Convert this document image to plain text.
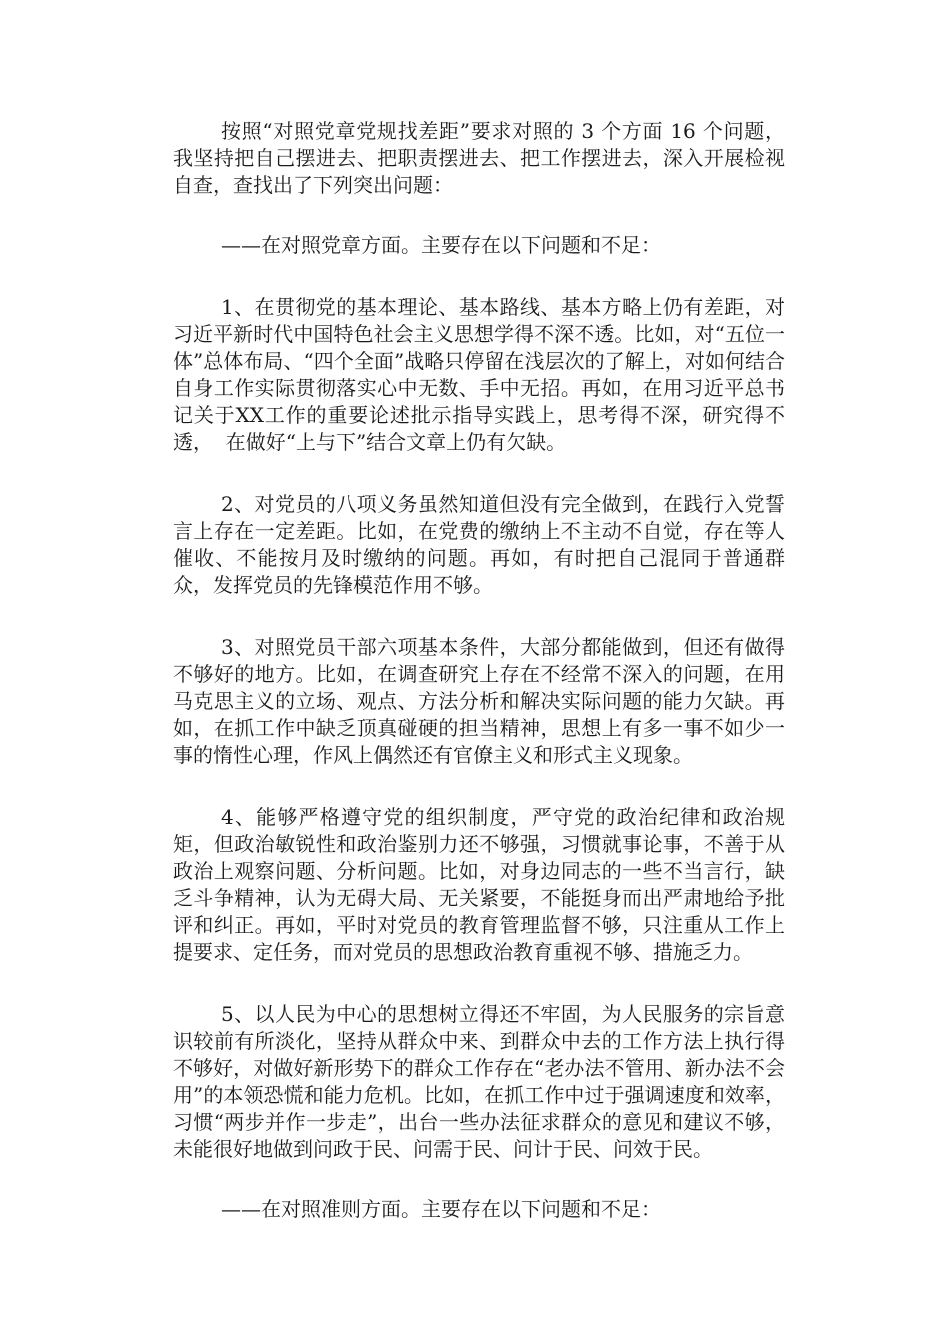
按照“对照党章党规找差距”要求对照的 3 个方面 16 个问题，我坚持把自己摆进去、把职责摆进去、把工作摆进去，深入开展检视自查，查找出了下列突出问题：

——在对照党章方面。主要存在以下问题和不足：

1、在贯彻党的基本理论、基本路线、基本方略上仍有差距，对习近平新时代中国特色社会主义思想学得不深不透。比如，对“五位一体”总体布局、“四个全面”战略只停留在浅层次的了解上，对如何结合自身工作实际贯彻落实心中无数、手中无招。再如，在用习近平总书记关于XX工作的重要论述批示指导实践上，思考得不深，研究得不透，  在做好“上与下”结合文章上仍有欠缺。

2、对党员的八项义务虽然知道但没有完全做到，在践行入党誓言上存在一定差距。比如，在党费的缴纳上不主动不自觉，存在等人催收、不能按月及时缴纳的问题。再如，有时把自己混同于普通群众，发挥党员的先锋模范作用不够。

3、对照党员干部六项基本条件，大部分都能做到，但还有做得不够好的地方。比如，在调查研究上存在不经常不深入的问题，在用马克思主义的立场、观点、方法分析和解决实际问题的能力欠缺。再如，在抓工作中缺乏顶真碰硬的担当精神，思想上有多一事不如少一事的惰性心理，作风上偶然还有官僚主义和形式主义现象。

4、能够严格遵守党的组织制度，严守党的政治纪律和政治规矩，但政治敏锐性和政治鉴别力还不够强，习惯就事论事，不善于从政治上观察问题、分析问题。比如，对身边同志的一些不当言行，缺乏斗争精神，认为无碍大局、无关紧要，不能挺身而出严肃地给予批评和纠正。再如，平时对党员的教育管理监督不够，只注重从工作上提要求、定任务，而对党员的思想政治教育重视不够、措施乏力。

5、以人民为中心的思想树立得还不牢固，为人民服务的宗旨意识较前有所淡化，坚持从群众中来、到群众中去的工作方法上执行得不够好，对做好新形势下的群众工作存在“老办法不管用、新办法不会用”的本领恐慌和能力危机。比如，在抓工作中过于强调速度和效率，习惯“两步并作一步走”，出台一些办法征求群众的意见和建议不够，未能很好地做到问政于民、问需于民、问计于民、问效于民。

——在对照准则方面。主要存在以下问题和不足：
